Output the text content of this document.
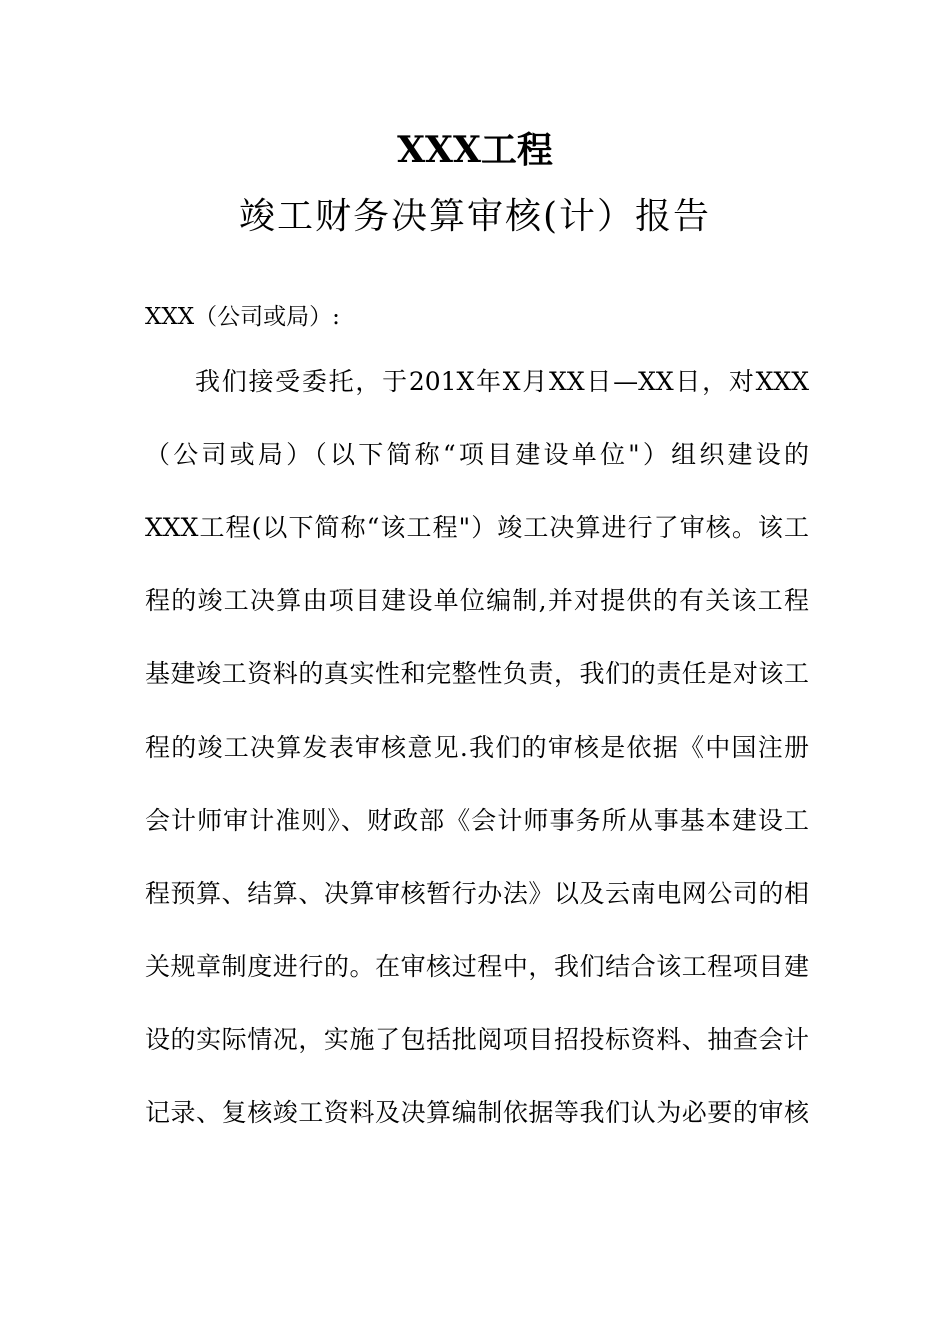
XXX工程
竣工财务决算审核(计）报告
XXX（公司或局）:
我们接受委托，于201X年X月XX日—XX日，对XXX
（公司或局）（以下简称“项目建设单位"）组织建设的
XXX工程(以下简称“该工程"）竣工决算进行了审核。该工
程的竣工决算由项目建设单位编制,并对提供的有关该工程
基建竣工资料的真实性和完整性负责，我们的责任是对该工
程的竣工决算发表审核意见.我们的审核是依据《中国注册
会计师审计准则》、财政部《会计师事务所从事基本建设工
程预算、结算、决算审核暂行办法》以及云南电网公司的相
关规章制度进行的。在审核过程中，我们结合该工程项目建
设的实际情况，实施了包括批阅项目招投标资料、抽查会计
记录、复核竣工资料及决算编制依据等我们认为必要的审核
